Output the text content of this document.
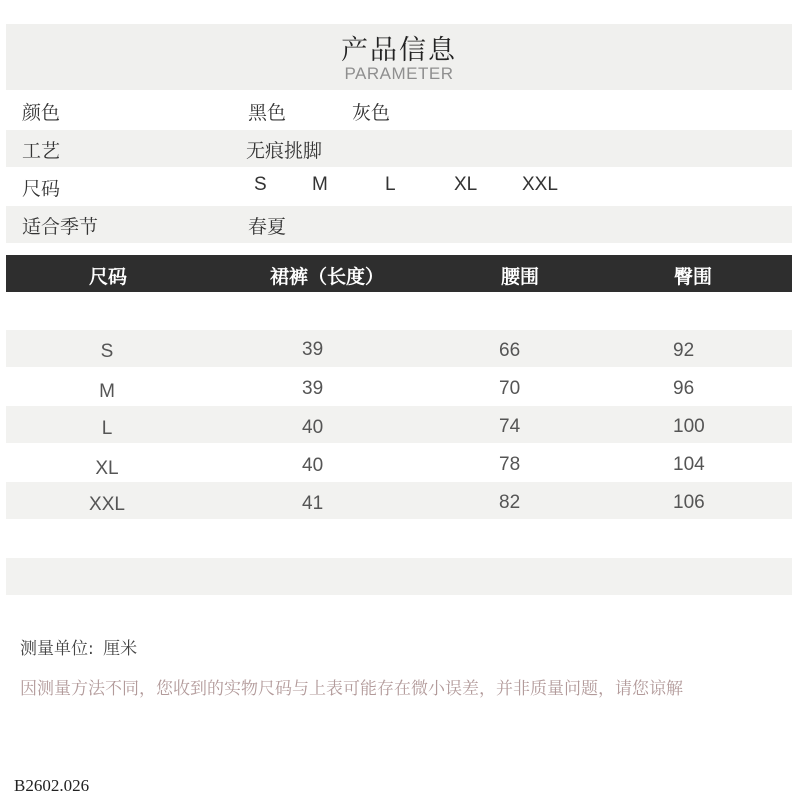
产品信息
PARAMETER
颜色	黑色	灰色
工艺	无痕挑脚
尺码	S M	L	XL XXL
适合季节	春夏
尺码	裙裤（长度）	腰围	臀围
S	39	66	92
M	39	70	96
L	40	74	100
XL	40	78	104
XXL	41	82	106
测量单位: 厘米
因测量方法不同，您收到的实物尺码与上表可能存在微小误差，并非质量问题，请您谅解
B2602.026
